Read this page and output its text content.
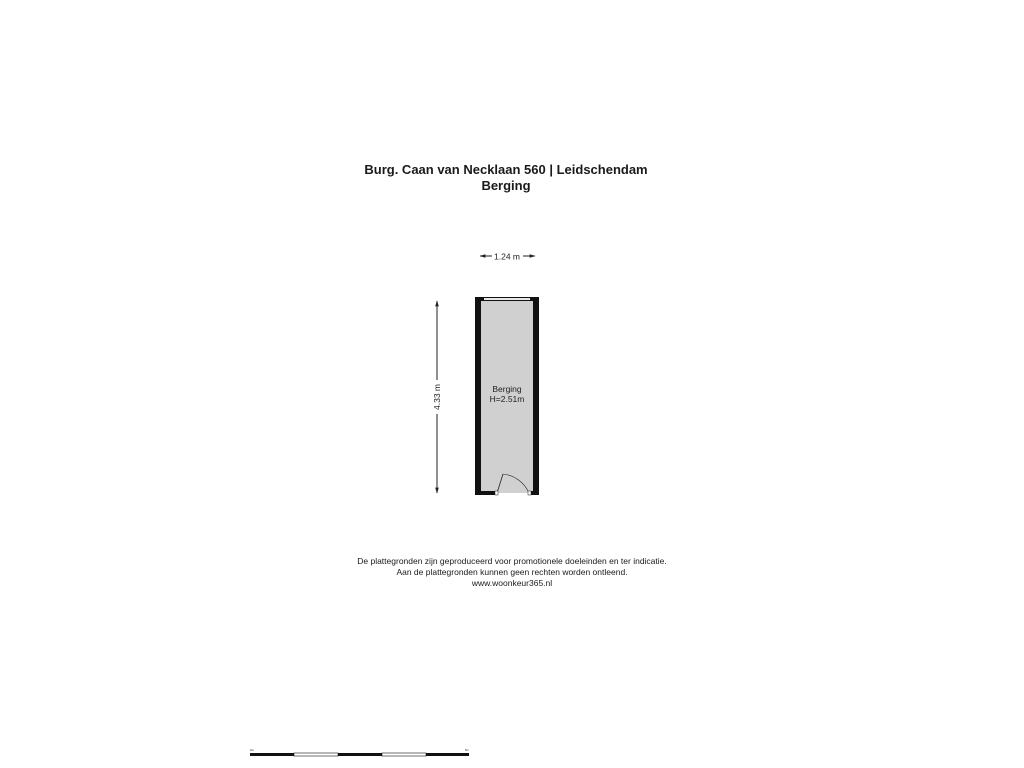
Burg. Caan van Necklaan 560 | Leidschendam
Berging
1.24 m
4.33 m	Berging
H=2.51m
0m	5m
De plattegronden zijn geproduceerd voor promotionele doeleinden en ter indicatie.
Aan de plattegronden kunnen geen rechten worden ontleend.
www.woonkeur365.nl
